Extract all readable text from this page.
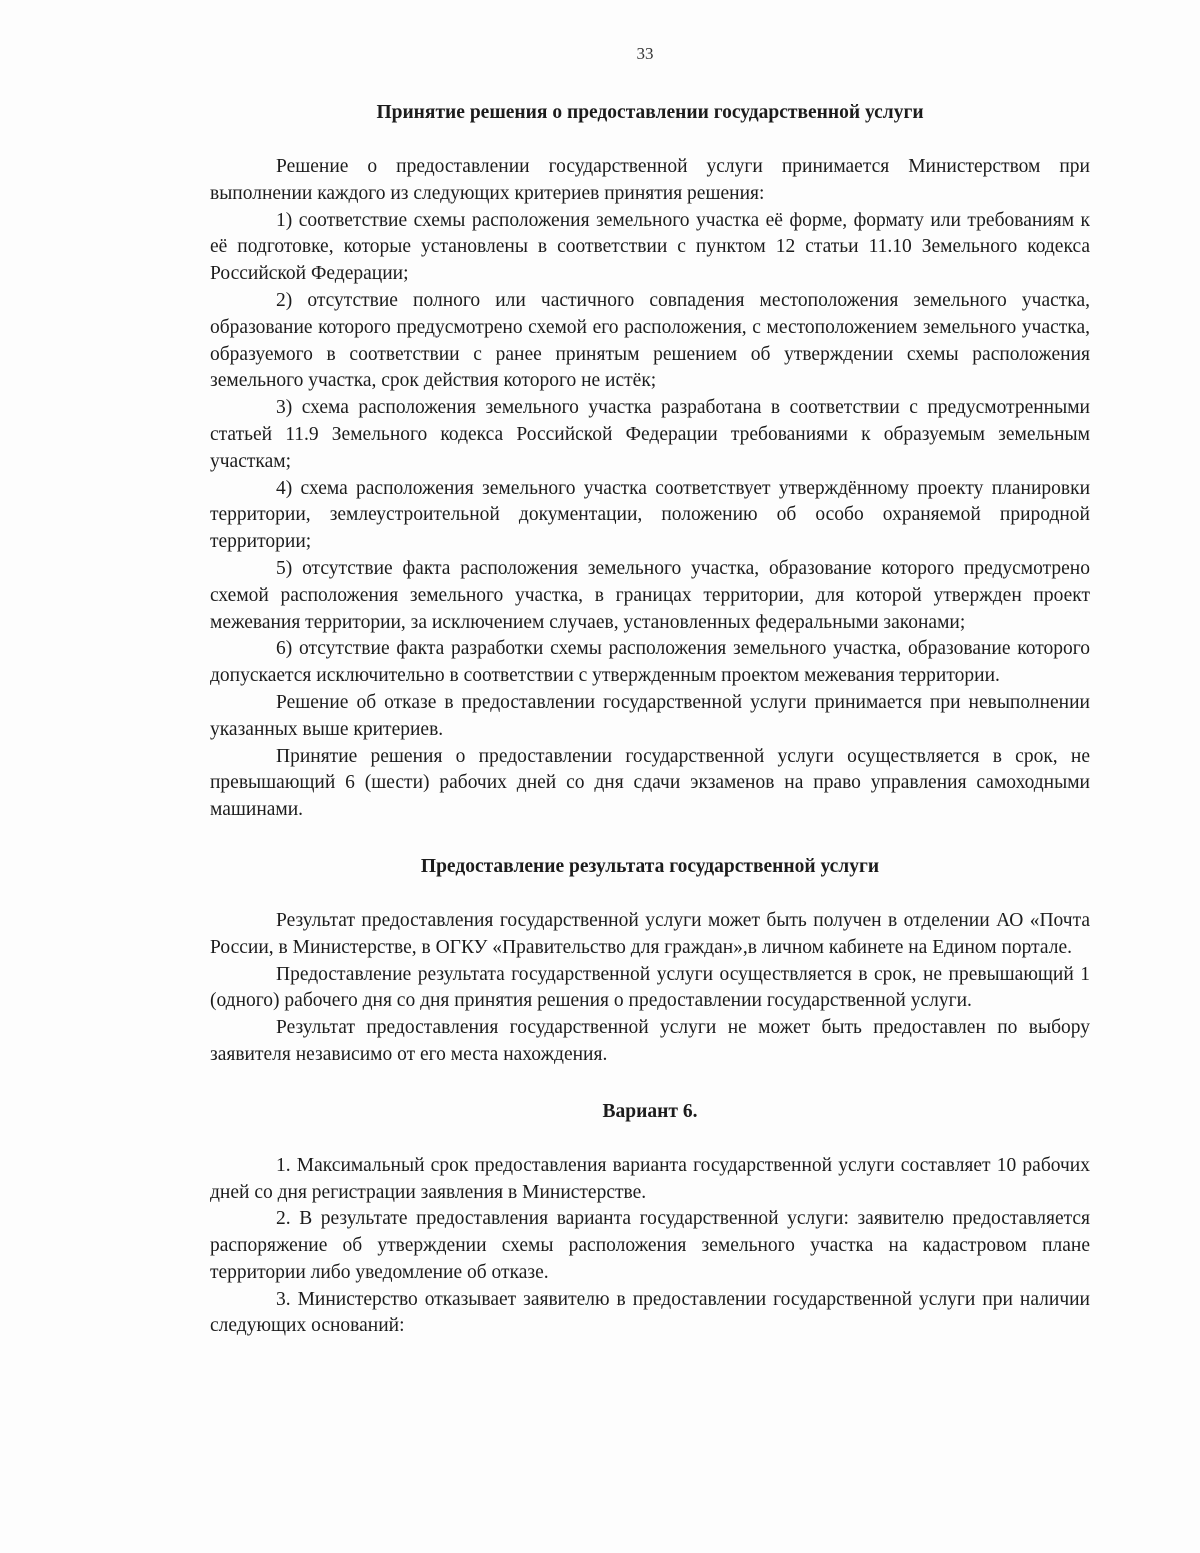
33
Принятие решения о предоставлении государственной услуги

Решение о предоставлении государственной услуги принимается Министерством при выполнении каждого из следующих критериев принятия решения:

1) соответствие схемы расположения земельного участка её форме, формату или требованиям к её подготовке, которые установлены в соответствии с пунктом 12 статьи 11.10 Земельного кодекса Российской Федерации;

2) отсутствие полного или частичного совпадения местоположения земельного участка, образование которого предусмотрено схемой его расположения, с местоположением земельного участка, образуемого в соответствии с ранее принятым решением об утверждении схемы расположения земельного участка, срок действия которого не истёк;

3) схема расположения земельного участка разработана в соответствии с предусмотренными статьей 11.9 Земельного кодекса Российской Федерации требованиями к образуемым земельным участкам;

4) схема расположения земельного участка соответствует утверждённому проекту планировки территории, землеустроительной документации, положению об особо охраняемой природной территории;

5) отсутствие факта расположения земельного участка, образование которого предусмотрено схемой расположения земельного участка, в границах территории, для которой утвержден проект межевания территории, за исключением случаев, установленных федеральными законами;

6) отсутствие факта разработки схемы расположения земельного участка, образование которого допускается исключительно в соответствии с утвержденным проектом межевания территории.

Решение об отказе в предоставлении государственной услуги принимается при невыполнении указанных выше критериев.

Принятие решения о предоставлении государственной услуги осуществляется в срок, не превышающий 6 (шести) рабочих дней со дня сдачи экзаменов на право управления самоходными машинами.

Предоставление результата государственной услуги

Результат предоставления государственной услуги может быть получен в отделении АО «Почта России, в Министерстве, в ОГКУ «Правительство для граждан»,в личном кабинете на Едином портале.

Предоставление результата государственной услуги осуществляется в срок, не превышающий 1 (одного) рабочего дня со дня принятия решения о предоставлении государственной услуги.

Результат предоставления государственной услуги не может быть предоставлен по выбору заявителя независимо от его места нахождения.

Вариант 6.

1. Максимальный срок предоставления варианта государственной услуги составляет 10 рабочих дней со дня регистрации заявления в Министерстве.

2. В результате предоставления варианта государственной услуги: заявителю предоставляется распоряжение об утверждении схемы расположения земельного участка на кадастровом плане территории либо уведомление об отказе.

3. Министерство отказывает заявителю в предоставлении государственной услуги при наличии следующих оснований:
